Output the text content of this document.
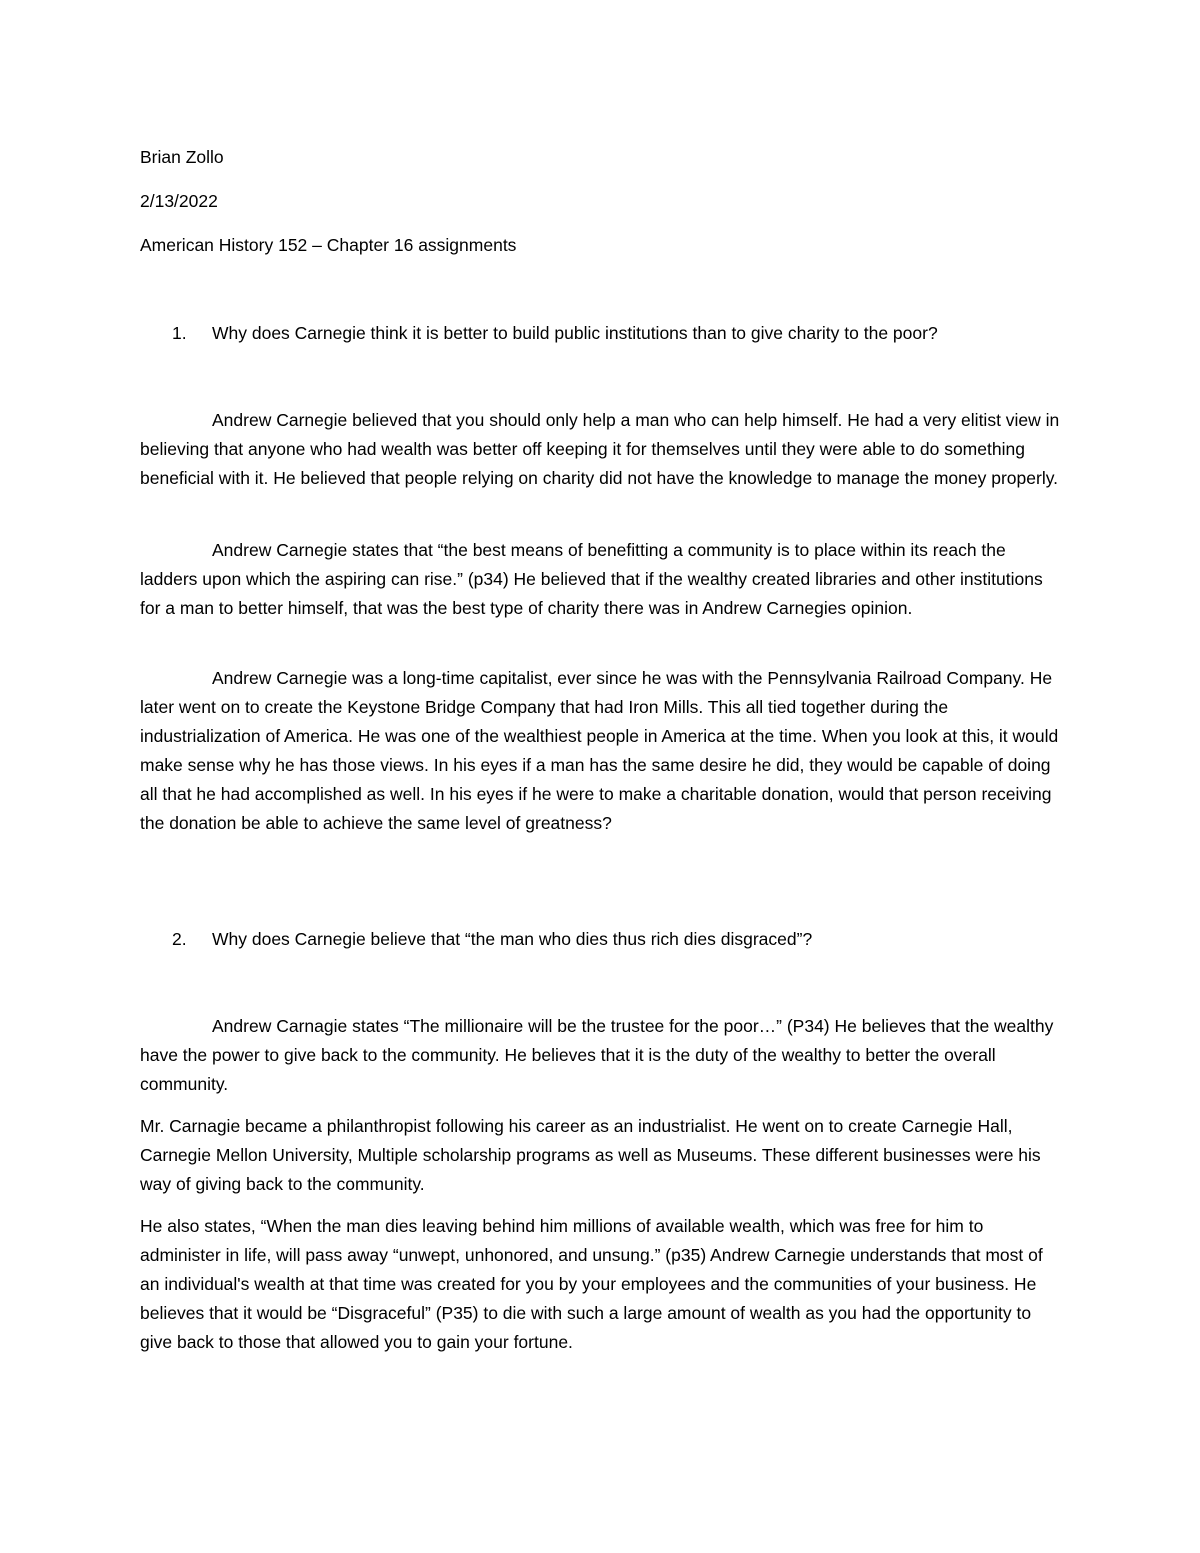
Brian Zollo

2/13/2022

American History 152 – Chapter 16 assignments

1. Why does Carnegie think it is better to build public institutions than to give charity to the poor?

Andrew Carnegie believed that you should only help a man who can help himself. He had a very elitist view in believing that anyone who had wealth was better off keeping it for themselves until they were able to do something beneficial with it. He believed that people relying on charity did not have the knowledge to manage the money properly.

Andrew Carnegie states that “the best means of benefitting a community is to place within its reach the ladders upon which the aspiring can rise.” (p34) He believed that if the wealthy created libraries and other institutions for a man to better himself, that was the best type of charity there was in Andrew Carnegies opinion.

Andrew Carnegie was a long-time capitalist, ever since he was with the Pennsylvania Railroad Company. He later went on to create the Keystone Bridge Company that had Iron Mills. This all tied together during the industrialization of America. He was one of the wealthiest people in America at the time. When you look at this, it would make sense why he has those views. In his eyes if a man has the same desire he did, they would be capable of doing all that he had accomplished as well. In his eyes if he were to make a charitable donation, would that person receiving the donation be able to achieve the same level of greatness?

2. Why does Carnegie believe that “the man who dies thus rich dies disgraced”?

Andrew Carnagie states “The millionaire will be the trustee for the poor…” (P34) He believes that the wealthy have the power to give back to the community. He believes that it is the duty of the wealthy to better the overall community.

Mr. Carnagie became a philanthropist following his career as an industrialist. He went on to create Carnegie Hall, Carnegie Mellon University, Multiple scholarship programs as well as Museums. These different businesses were his way of giving back to the community.

He also states, “When the man dies leaving behind him millions of available wealth, which was free for him to administer in life, will pass away “unwept, unhonored, and unsung.” (p35) Andrew Carnegie understands that most of an individual's wealth at that time was created for you by your employees and the communities of your business. He believes that it would be “Disgraceful” (P35) to die with such a large amount of wealth as you had the opportunity to give back to those that allowed you to gain your fortune.
